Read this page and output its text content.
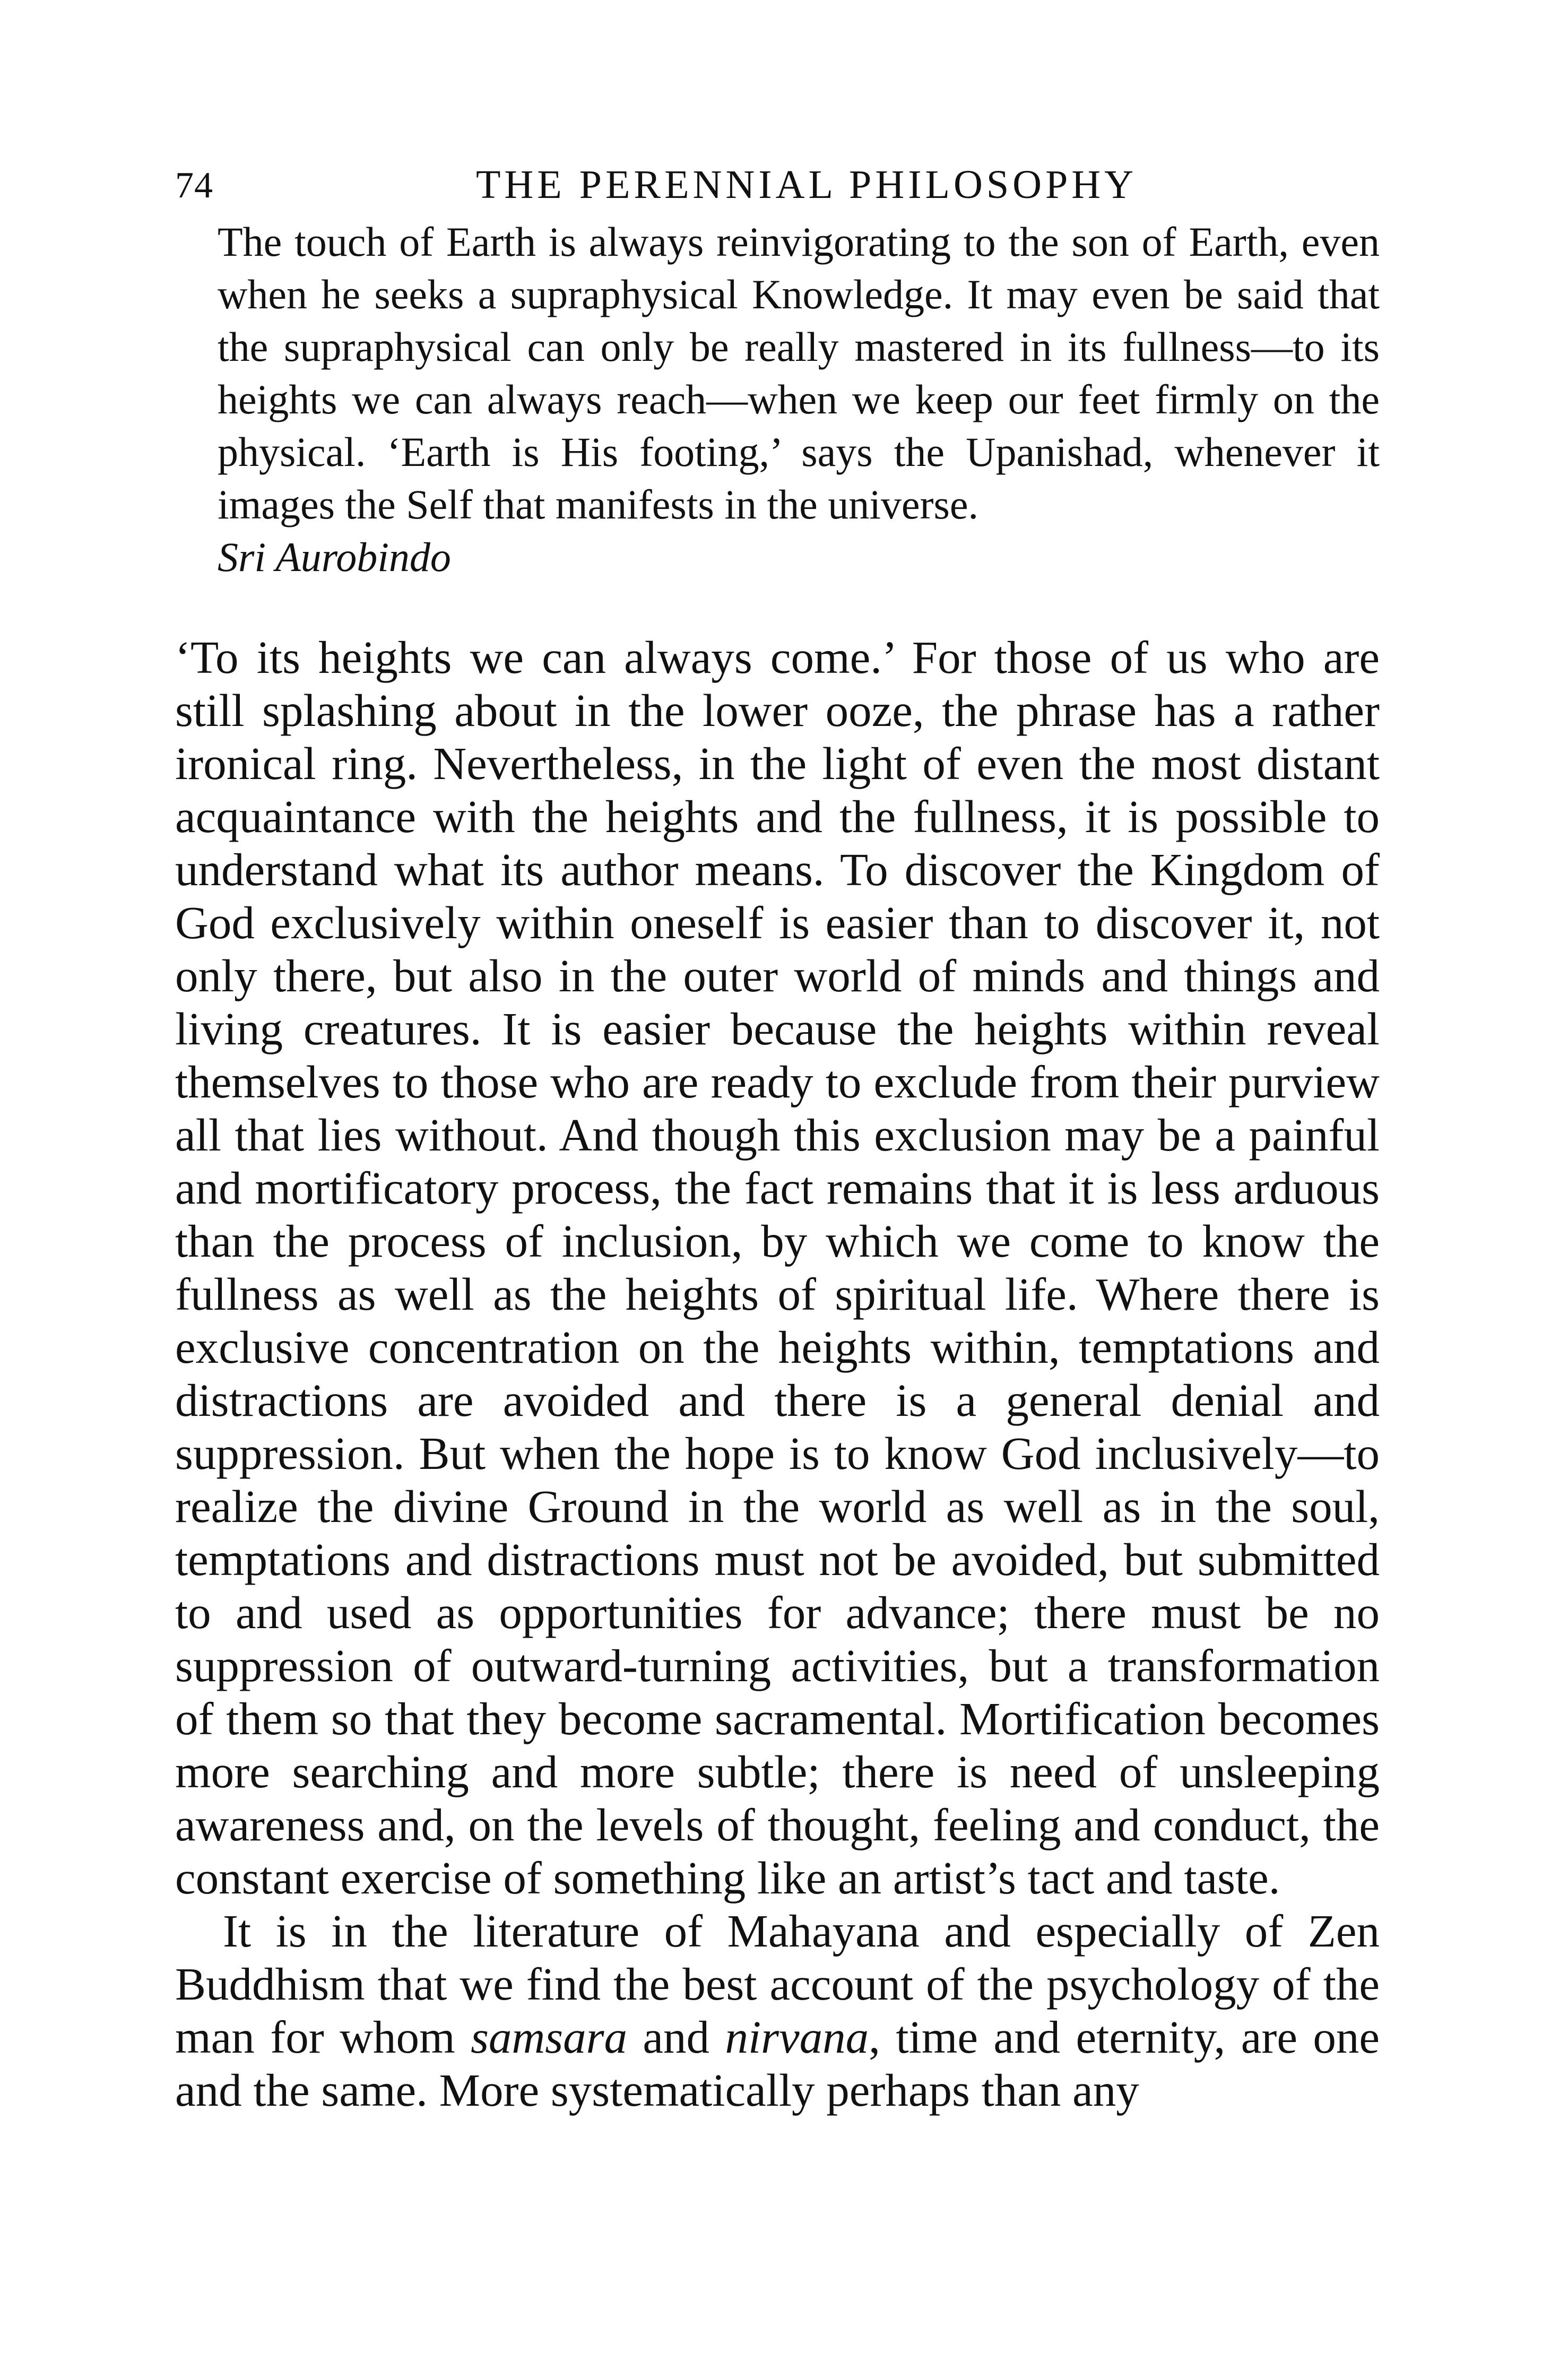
74	THE PERENNIAL PHILOSOPHY

The touch of Earth is always reinvigorating to the son of Earth, even when he seeks a supraphysical Knowledge. It may even be said that the supraphysical can only be really mastered in its fullness—to its heights we can always reach—when we keep our feet firmly on the physical. ‘Earth is His footing,’ says the Upanishad, whenever it images the Self that manifests in the universe.

Sri Aurobindo

‘To its heights we can always come.’ For those of us who are still splashing about in the lower ooze, the phrase has a rather ironical ring. Nevertheless, in the light of even the most distant acquaintance with the heights and the fullness, it is possible to understand what its author means. To discover the Kingdom of God exclusively within oneself is easier than to discover it, not only there, but also in the outer world of minds and things and living creatures. It is easier because the heights within reveal themselves to those who are ready to exclude from their purview all that lies without. And though this exclusion may be a painful and mortificatory process, the fact remains that it is less arduous than the process of inclusion, by which we come to know the fullness as well as the heights of spiritual life. Where there is exclusive concentration on the heights within, temptations and distractions are avoided and there is a general denial and suppression. But when the hope is to know God inclusively—to realize the divine Ground in the world as well as in the soul, temptations and distractions must not be avoided, but submitted to and used as opportunities for advance; there must be no suppression of outward-turning activities, but a transformation of them so that they become sacramental. Mortification becomes more searching and more subtle; there is need of unsleeping awareness and, on the levels of thought, feeling and conduct, the constant exercise of something like an artist’s tact and taste.

It is in the literature of Mahayana and especially of Zen Buddhism that we find the best account of the psychology of the man for whom samsara and nirvana, time and eternity, are one and the same. More systematically perhaps than any
